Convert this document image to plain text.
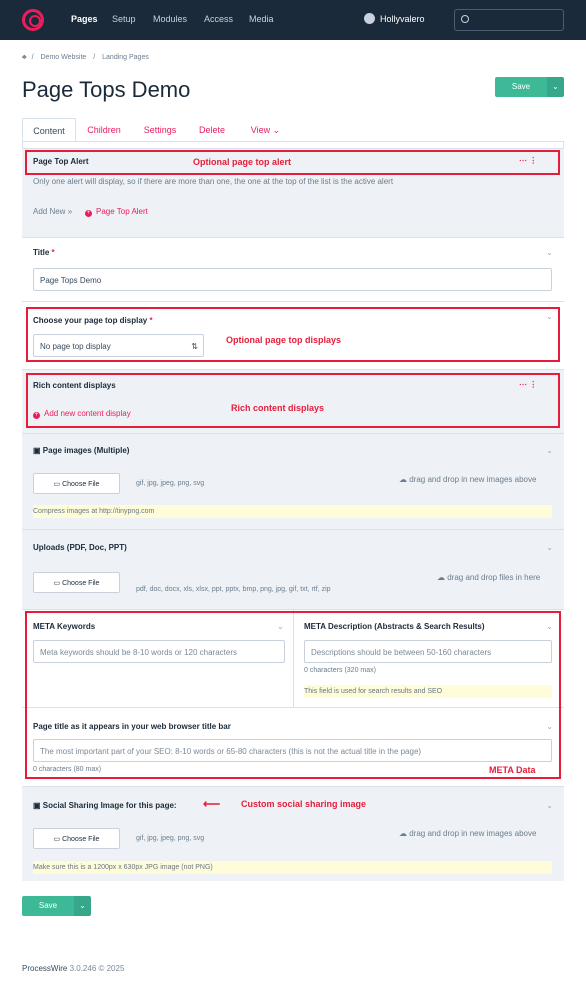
Pages Setup Modules Access Media	Hollyvalero
♣ / Demo Website / Landing Pages
Page Tops Demo	Save	⌄
Content	Children	Settings	Delete	View ⌄
Page Top Alert	⋯ ⋮
Only one alert will display, so if there are more than one, the one at the top of the list is the active alert
Add New » + Page Top Alert
Title *	⌄
Page Tops Demo
Choose your page top display *	⌄
No page top display	⇅
Rich content displays	⋯ ⋮
+ Add new content display
▣ Page images (Multiple)	⌄
▭ Choose File	gif, jpg, jpeg, png, svg	☁ drag and drop in new images above
Compress images at http://tinypng.com
Uploads (PDF, Doc, PPT)	⌄
▭ Choose File
pdf, doc, docx, xls, xlsx, ppt, pptx, bmp, png, jpg, gif, txt, rtf, zip
☁ drag and drop files in here
META Keywords	⌄
Meta keywords should be 8-10 words or 120 characters
META Description (Abstracts & Search Results)	⌄
Descriptions should be between 50-160 characters
0 characters (320 max)
This field is used for search results and SEO
Page title as it appears in your web browser title bar	⌄
The most important part of your SEO: 8-10 words or 65-80 characters (this is not the actual title in the page)
0 characters (80 max)
▣ Social Sharing Image for this page:	⌄
▭ Choose File	gif, jpg, jpeg, png, svg
☁ drag and drop in new images above
Make sure this is a 1200px x 630px JPG image (not PNG)
Save	⌄
Optional page top alert
Optional page top displays
Rich content displays
META Data
⟵ Custom social sharing image
ProcessWire 3.0.246 © 2025
